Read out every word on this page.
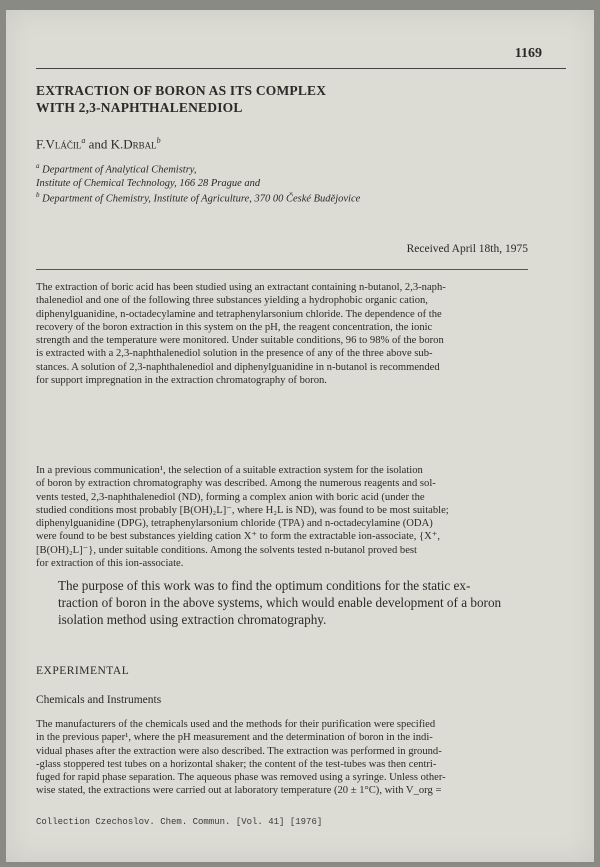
1169
EXTRACTION OF BORON AS ITS COMPLEX
WITH 2,3-NAPHTHALENEDIOL
F.Vláčil$^a$ and K.Drbal$^b$
$^a$ Department of Analytical Chemistry,
Institute of Chemical Technology, 166 28 Prague and
$^b$ Department of Chemistry, Institute of Agriculture, 370 00 České Budějovice
Received April 18th, 1975
The extraction of boric acid has been studied using an extractant containing n-butanol, 2,3-naph-
thalenediol and one of the following three substances yielding a hydrophobic organic cation,
diphenylguanidine, n-octadecylamine and tetraphenylarsonium chloride. The dependence of the
recovery of the boron extraction in this system on the pH, the reagent concentration, the ionic
strength and the temperature were monitored. Under suitable conditions, 96 to 98% of the boron
is extracted with a 2,3-naphthalenediol solution in the presence of any of the three above sub-
stances. A solution of 2,3-naphthalenediol and diphenylguanidine in n-butanol is recommended
for support impregnation in the extraction chromatography of boron.
In a previous communication¹, the selection of a suitable extraction system for the isolation
of boron by extraction chromatography was described. Among the numerous reagents and sol-
vents tested, 2,3-naphthalenediol (ND), forming a complex anion with boric acid (under the
studied conditions most probably [B(OH)₂L]⁻, where H₂L is ND), was found to be most suitable;
diphenylguanidine (DPG), tetraphenylarsonium chloride (TPA) and n-octadecylamine (ODA)
were found to be best substances yielding cation X⁺ to form the extractable ion-associate, {X⁺,
[B(OH)₂L]⁻}, under suitable conditions. Among the solvents tested n-butanol proved best
for extraction of this ion-associate.
The purpose of this work was to find the optimum conditions for the static ex-
traction of boron in the above systems, which would enable development of a boron
isolation method using extraction chromatography.
EXPERIMENTAL
Chemicals and Instruments
The manufacturers of the chemicals used and the methods for their purification were specified
in the previous paper¹, where the pH measurement and the determination of boron in the indi-
vidual phases after the extraction were also described. The extraction was performed in ground-
-glass stoppered test tubes on a horizontal shaker; the content of the test-tubes was then centri-
fuged for rapid phase separation. The aqueous phase was removed using a syringe. Unless other-
wise stated, the extractions were carried out at laboratory temperature (20 ± 1°C), with V_org =
Collection Czechoslov. Chem. Commun. [Vol. 41] [1976]
